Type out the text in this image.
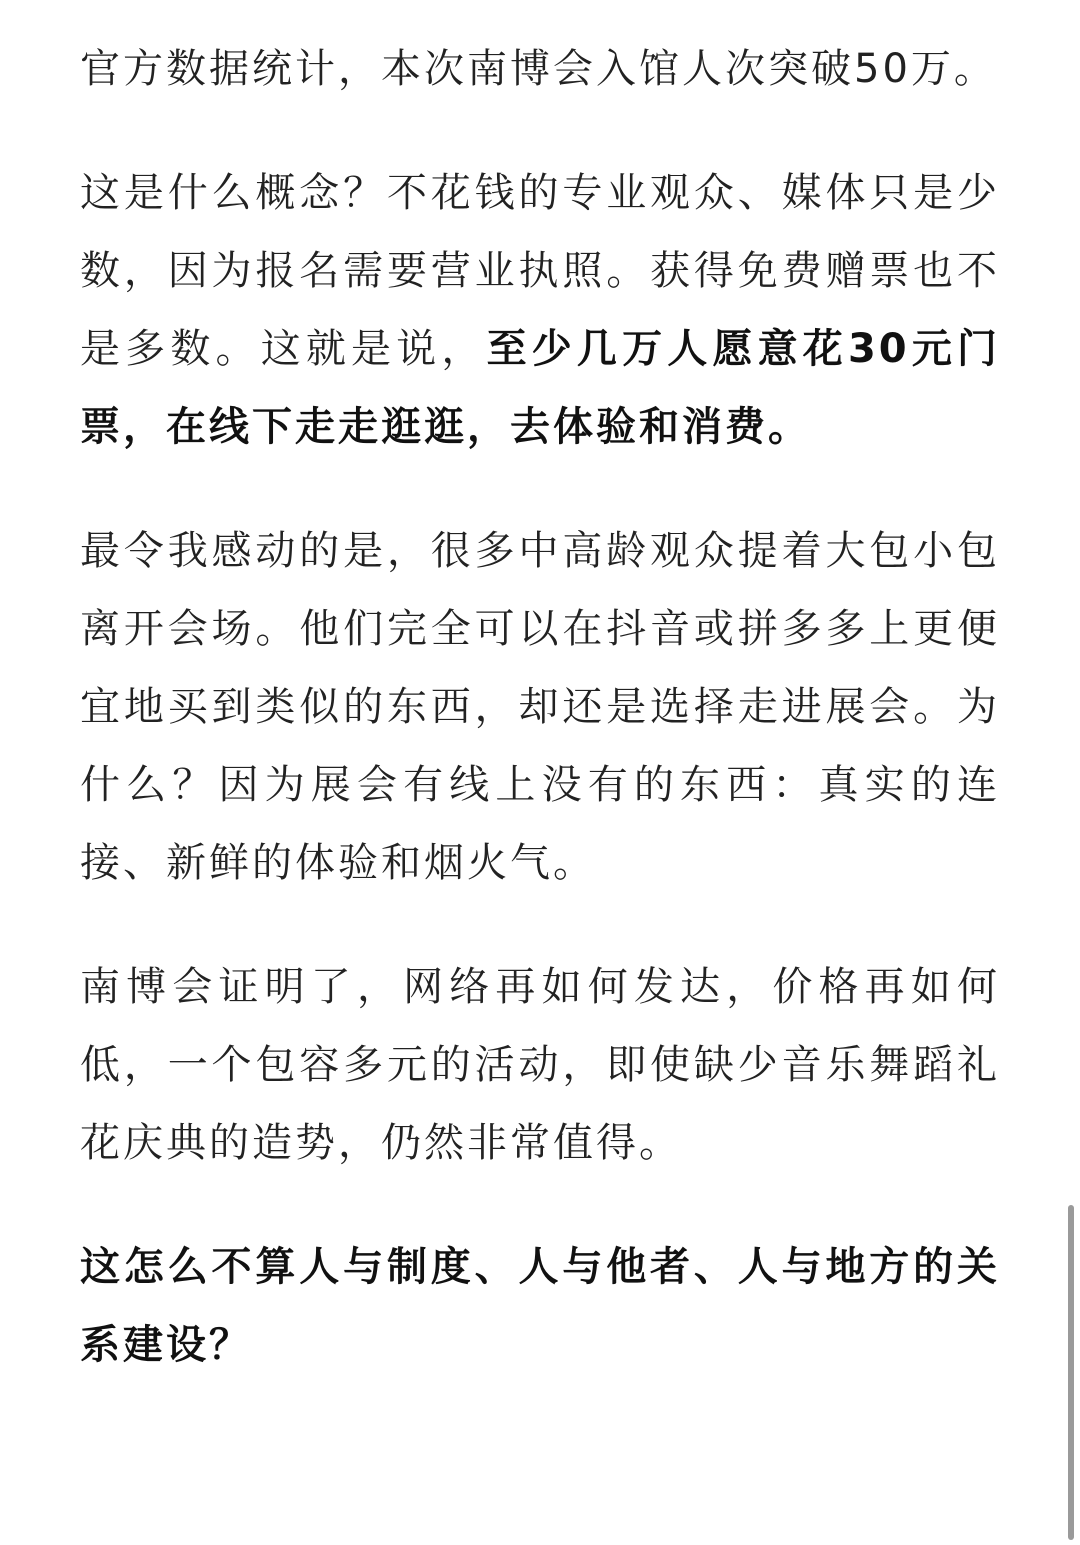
官方数据统计，本次南博会入馆人次突破50万。

这是什么概念？不花钱的专业观众、媒体只是少数，因为报名需要营业执照。获得免费赠票也不是多数。这就是说，至少几万人愿意花30元门票，在线下走走逛逛，去体验和消费。

最令我感动的是，很多中高龄观众提着大包小包离开会场。他们完全可以在抖音或拼多多上更便宜地买到类似的东西，却还是选择走进展会。为什么？因为展会有线上没有的东西：真实的连接、新鲜的体验和烟火气。

南博会证明了，网络再如何发达，价格再如何低，一个包容多元的活动，即使缺少音乐舞蹈礼花庆典的造势，仍然非常值得。

这怎么不算人与制度、人与他者、人与地方的关系建设？
